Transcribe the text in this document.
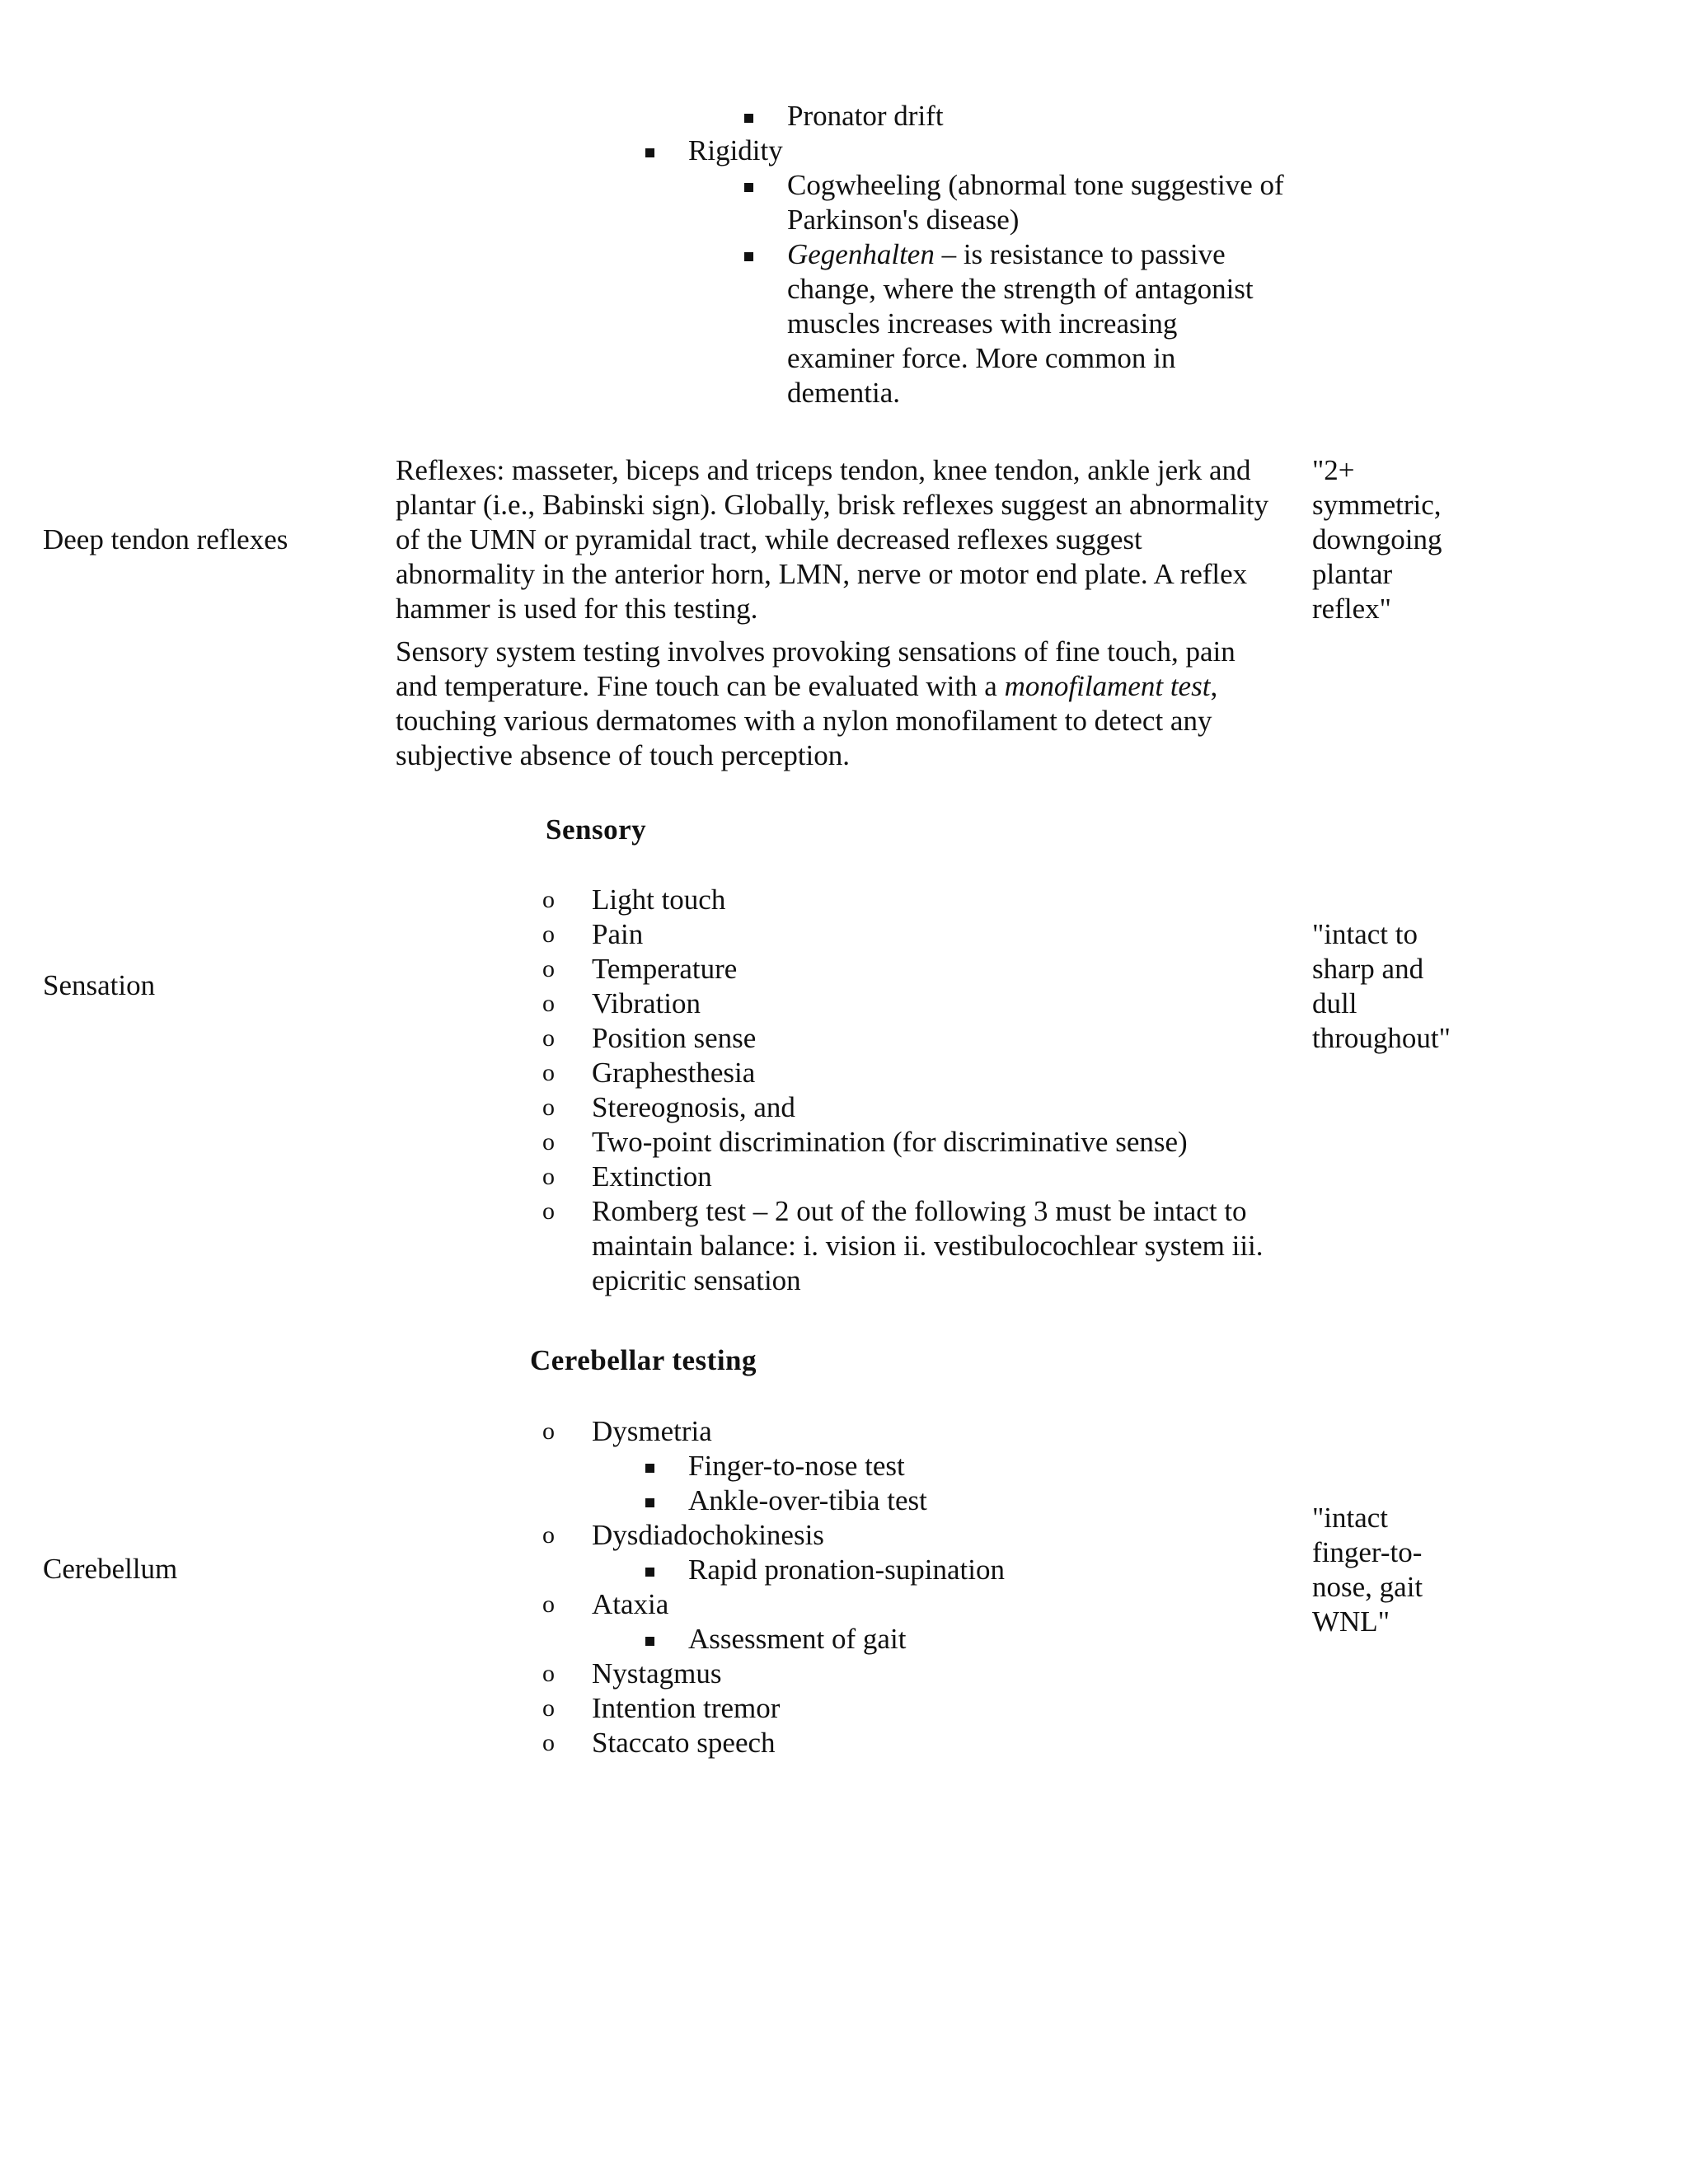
Pronator drift
Rigidity
Cogwheeling (abnormal tone suggestive of
Parkinson's disease)
Gegenhalten – is resistance to passive
change, where the strength of antagonist
muscles increases with increasing
examiner force. More common in
dementia.
Deep tendon reflexes
Reflexes: masseter, biceps and triceps tendon, knee tendon, ankle jerk and
plantar (i.e., Babinski sign). Globally, brisk reflexes suggest an abnormality
of the UMN or pyramidal tract, while decreased reflexes suggest
abnormality in the anterior horn, LMN, nerve or motor end plate. A reflex
hammer is used for this testing.
Sensory system testing involves provoking sensations of fine touch, pain
and temperature. Fine touch can be evaluated with a monofilament test,
touching various dermatomes with a nylon monofilament to detect any
subjective absence of touch perception.
"2+
symmetric,
downgoing
plantar
reflex"
Sensation
Sensory
o Light touch
o Pain
o Temperature
o Vibration
o Position sense
o Graphesthesia
o Stereognosis, and
o Two-point discrimination (for discriminative sense)
o Extinction
o Romberg test – 2 out of the following 3 must be intact to
maintain balance: i. vision ii. vestibulocochlear system iii.
epicritic sensation
"intact to
sharp and
dull
throughout"
Cerebellum
Cerebellar testing
o Dysmetria
Finger-to-nose test
Ankle-over-tibia test
o Dysdiadochokinesis
Rapid pronation-supination
o Ataxia
Assessment of gait
o Nystagmus
o Intention tremor
o Staccato speech
"intact
finger-to-
nose, gait
WNL"
